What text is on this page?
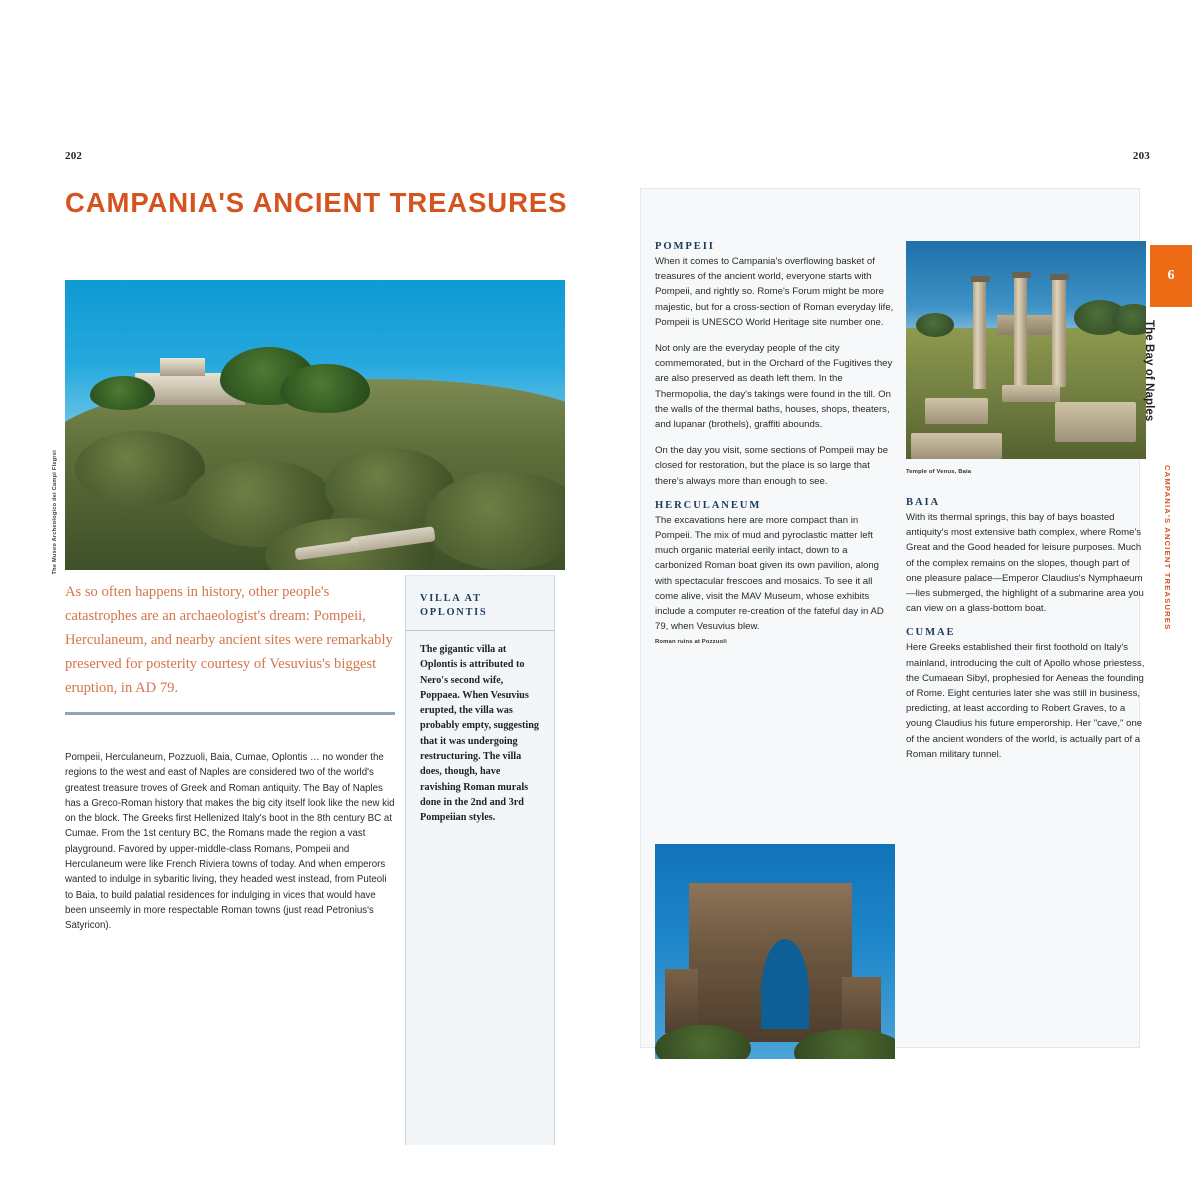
202
CAMPANIA'S ANCIENT TREASURES
The Museo Archeologico dei Campi Flegrei
As so often happens in history, other people's catastrophes are an archaeologist's dream: Pompeii, Herculaneum, and nearby ancient sites were remarkably preserved for posterity courtesy of Vesuvius's biggest eruption, in AD 79.
Pompeii, Herculaneum, Pozzuoli, Baia, Cumae, Oplontis … no wonder the regions to the west and east of Naples are considered two of the world's greatest treasure troves of Greek and Roman antiquity. The Bay of Naples has a Greco-Roman history that makes the big city itself look like the new kid on the block. The Greeks first Hellenized Italy's boot in the 8th century BC at Cumae. From the 1st century BC, the Romans made the region a vast playground. Favored by upper-middle-class Romans, Pompeii and Herculaneum were like French Riviera towns of today. And when emperors wanted to indulge in sybaritic living, they headed west instead, from Puteoli to Baia, to build palatial residences for indulging in vices that would have been unseemly in more respectable Roman towns (just read Petronius's Satyricon).
VILLA AT OPLONTIS
The gigantic villa at Oplontis is attributed to Nero's second wife, Poppaea. When Vesuvius erupted, the villa was probably empty, suggesting that it was undergoing restructuring. The villa does, though, have ravishing Roman murals done in the 2nd and 3rd Pompeiian styles.
203
POMPEII

When it comes to Campania's overflowing basket of treasures of the ancient world, everyone starts with Pompeii, and rightly so. Rome's Forum might be more majestic, but for a cross-section of Roman everyday life, Pompeii is UNESCO World Heritage site number one.

Not only are the everyday people of the city commemorated, but in the Orchard of the Fugitives they are also preserved as death left them. In the Thermopolia, the day's takings were found in the till. On the walls of the thermal baths, houses, shops, theaters, and lupanar (brothels), graffiti abounds.

On the day you visit, some sections of Pompeii may be closed for restoration, but the place is so large that there's always more than enough to see.

HERCULANEUM

The excavations here are more compact than in Pompeii. The mix of mud and pyroclastic matter left much organic material eerily intact, down to a carbonized Roman boat given its own pavilion, along with spectacular frescoes and mosaics. To see it all come alive, visit the MAV Museum, whose exhibits include a computer re-creation of the fateful day in AD 79, when Vesuvius blew.

Roman ruins at Pozzuoli

Temple of Venus, Baia

BAIA

With its thermal springs, this bay of bays boasted antiquity's most extensive bath complex, where Rome's Great and the Good headed for leisure purposes. Much of the complex remains on the slopes, though part of one pleasure palace—Emperor Claudius's Nymphaeum—lies submerged, the highlight of a submarine area you can view on a glass-bottom boat.

CUMAE

Here Greeks established their first foothold on Italy's mainland, introducing the cult of Apollo whose priestess, the Cumaean Sibyl, prophesied for Aeneas the founding of Rome. Eight centuries later she was still in business, predicting, at least according to Robert Graves, to a young Claudius his future emperorship. Her "cave," one of the ancient wonders of the world, is actually part of a Roman military tunnel.

6
The Bay of Naples
CAMPANIA'S ANCIENT TREASURES
